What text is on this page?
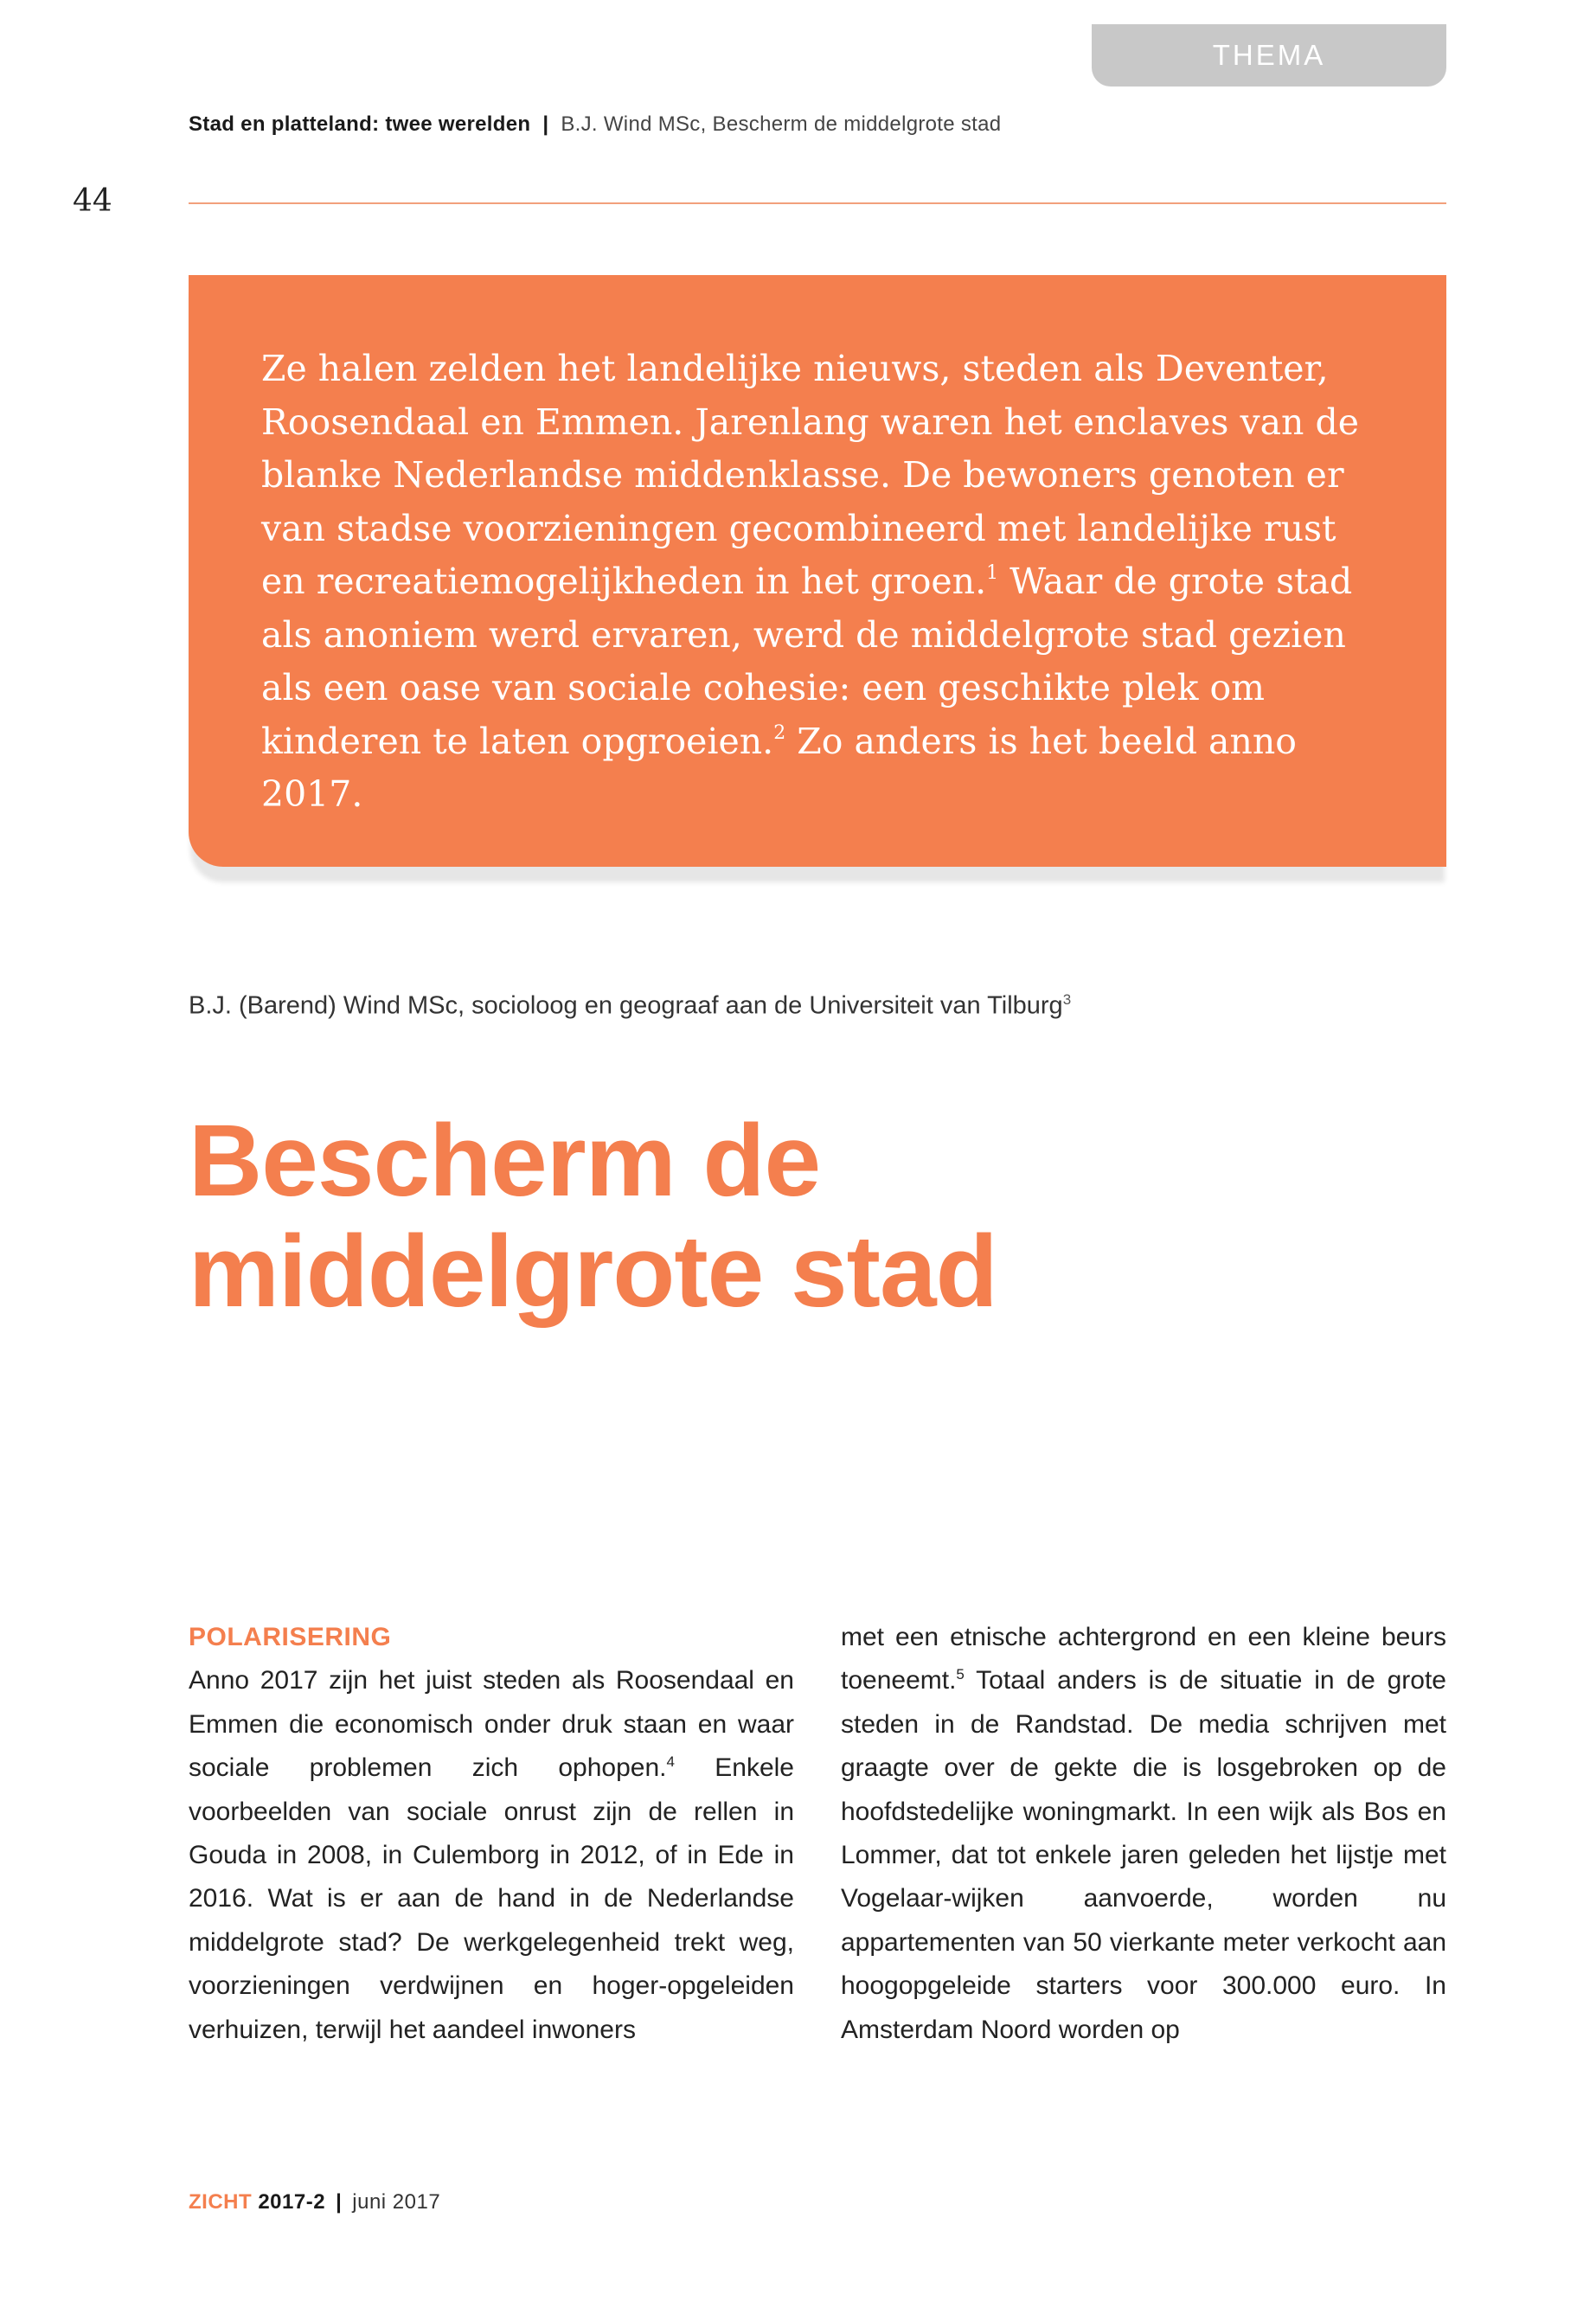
THEMA
Stad en platteland: twee werelden | B.J. Wind MSc, Bescherm de middelgrote stad
44

Ze halen zelden het landelijke nieuws, steden als Deventer, Roosendaal en Emmen. Jarenlang waren het enclaves van de blanke Nederlandse middenklasse. De bewoners genoten er van stadse voorzieningen gecombineerd met landelijke rust en recreatiemogelijkheden in het groen.$^1$ Waar de grote stad als anoniem werd ervaren, werd de middelgrote stad gezien als een oase van sociale cohesie: een geschikte plek om kinderen te laten opgroeien.$^2$ Zo anders is het beeld anno 2017.

B.J. (Barend) Wind MSc, socioloog en geograaf aan de Universiteit van Tilburg$^3$
Bescherm de
middelgrote stad
POLARISERING

Anno 2017 zijn het juist steden als Roosendaal en Emmen die economisch onder druk staan en waar sociale problemen zich ophopen.$^4$ Enkele voorbeelden van sociale onrust zijn de rellen in Gouda in 2008, in Culemborg in 2012, of in Ede in 2016. Wat is er aan de hand in de Nederlandse middelgrote stad? De werkgelegenheid trekt weg, voorzieningen verdwijnen en hoger-opgeleiden verhuizen, terwijl het aandeel inwoners

met een etnische achtergrond en een kleine beurs toeneemt.$^5$ Totaal anders is de situatie in de grote steden in de Randstad. De media schrijven met graagte over de gekte die is losgebroken op de hoofdstedelijke woningmarkt. In een wijk als Bos en Lommer, dat tot enkele jaren geleden het lijstje met Vogelaar-wijken aanvoerde, worden nu appartementen van 50 vierkante meter verkocht aan hoogopgeleide starters voor 300.000 euro. In Amsterdam Noord worden op

ZICHT 2017-2 | juni 2017
